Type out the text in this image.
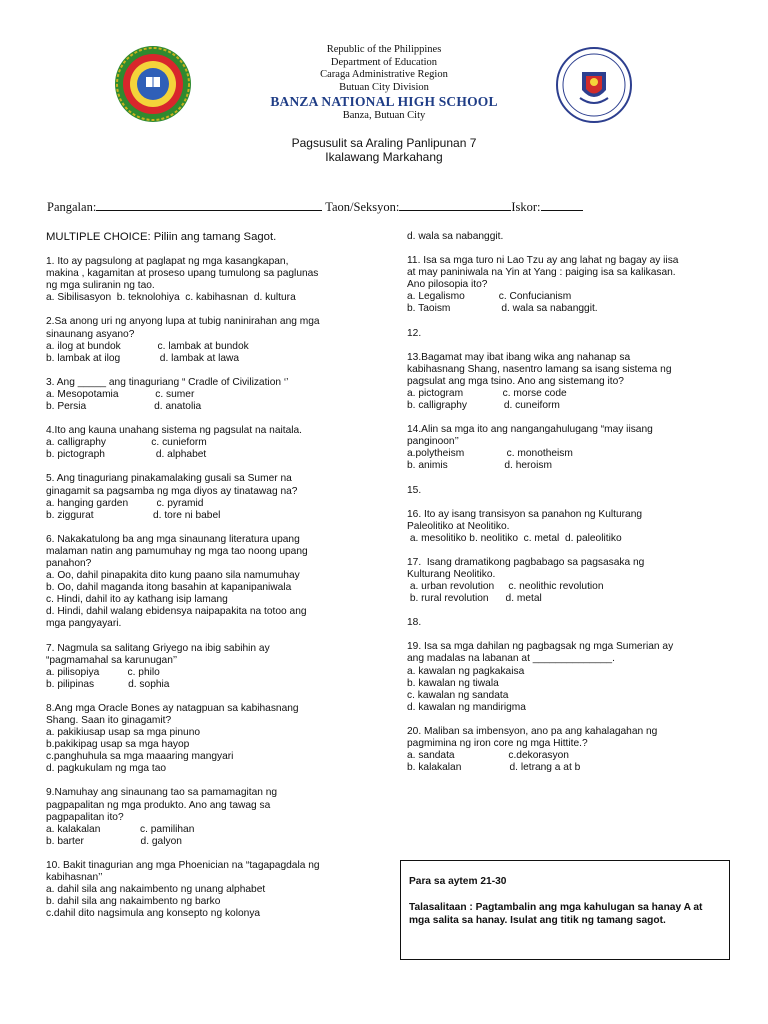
Republic of the Philippines
Department of Education
Caraga Administrative Region
Butuan City Division
BANZA NATIONAL HIGH SCHOOL
Banza, Butuan City
Pagsusulit sa Araling Panlipunan 7
Ikalawang Markahang
Pangalan:	Taon/Seksyon:	Iskor:
MULTIPLE CHOICE: Piliin ang tamang Sagot.
1. Ito ay pagsulong at paglapat ng mga kasangkapan,
makina , kagamitan at proseso upang tumulong sa paglunas
ng mga suliranin ng tao.
a. Sibilisasyon  b. teknolohiya  c. kabihasnan  d. kultura
2.Sa anong uri ng anyong lupa at tubig naninirahan ang mga
sinaunang asyano?
a. ilog at bundok             c. lambak at bundok
b. lambak at ilog              d. lambak at lawa
3. Ang _____ ang tinaguriang “ Cradle of Civilization ‘’
a. Mesopotamia             c. sumer
b. Persia                        d. anatolia
4.Ito ang kauna unahang sistema ng pagsulat na naitala.
a. calligraphy                c. cunieform
b. pictograph                  d. alphabet
5. Ang tinaguriang pinakamalaking gusali sa Sumer na
ginagamit sa pagsamba ng mga diyos ay tinatawag na?
a. hanging garden          c. pyramid
b. ziggurat                     d. tore ni babel
6. Nakakatulong ba ang mga sinaunang literatura upang
malaman natin ang pamumuhay ng mga tao noong upang
panahon?
a. Oo, dahil pinapakita dito kung paano sila namumuhay
b. Oo, dahil maganda itong basahin at kapanipaniwala
c. Hindi, dahil ito ay kathang isip lamang
d. Hindi, dahil walang ebidensya naipapakita na totoo ang
mga pangyayari.
7. Nagmula sa salitang Griyego na ibig sabihin ay
“pagmamahal sa karunugan’’
a. pilisopiya          c. philo
b. pilipinas            d. sophia
8.Ang mga Oracle Bones ay natagpuan sa kabihasnang
Shang. Saan ito ginagamit?
a. pakikiusap usap sa mga pinuno
b.pakikipag usap sa mga hayop
c.panghuhula sa mga maaaring mangyari
d. pagkukulam ng mga tao
9.Namuhay ang sinaunang tao sa pamamagitan ng
pagpapalitan ng mga produkto. Ano ang tawag sa
pagpapalitan ito?
a. kalakalan              c. pamilihan
b. barter                    d. galyon
10. Bakit tinagurian ang mga Phoenician na “tagapagdala ng
kabihasnan’’
a. dahil sila ang nakaimbento ng unang alphabet
b. dahil sila ang nakaimbento ng barko
c.dahil dito nagsimula ang konsepto ng kolonya
d. wala sa nabanggit.
11. Isa sa mga turo ni Lao Tzu ay ang lahat ng bagay ay iisa
at may paniniwala na Yin at Yang : paiging isa sa kalikasan.
Ano pilosopia ito?
a. Legalismo            c. Confucianism
b. Taoism                  d. wala sa nabanggit.
12.
13.Bagamat may ibat ibang wika ang nahanap sa
kabihasnang Shang, nasentro lamang sa isang sistema ng
pagsulat ang mga tsino. Ano ang sistemang ito?
a. pictogram              c. morse code
b. calligraphy             d. cuneiform
14.Alin sa mga ito ang nangangahulugang “may iisang
panginoon’’
a.polytheism               c. monotheism
b. animis                    d. heroism
15.
16. Ito ay isang transisyon sa panahon ng Kulturang
Paleolitiko at Neolitiko.
a. mesolitiko b. neolitiko  c. metal  d. paleolitiko
17.  Isang dramatikong pagbabago sa pagsasaka ng
Kulturang Neolitiko.
a. urban revolution     c. neolithic revolution
b. rural revolution      d. metal
18.
19. Isa sa mga dahilan ng pagbagsak ng mga Sumerian ay
ang madalas na labanan at ______________.
a. kawalan ng pagkakaisa
b. kawalan ng tiwala
c. kawalan ng sandata
d. kawalan ng mandirigma
20. Maliban sa imbensyon, ano pa ang kahalagahan ng
pagmimina ng iron core ng mga Hittite.?
a. sandata                   c.dekorasyon
b. kalakalan                 d. letrang a at b
Para sa aytem 21-30
Talasalitaan : Pagtambalin ang mga kahulugan sa hanay A at mga salita sa hanay. Isulat ang titik ng tamang sagot.
